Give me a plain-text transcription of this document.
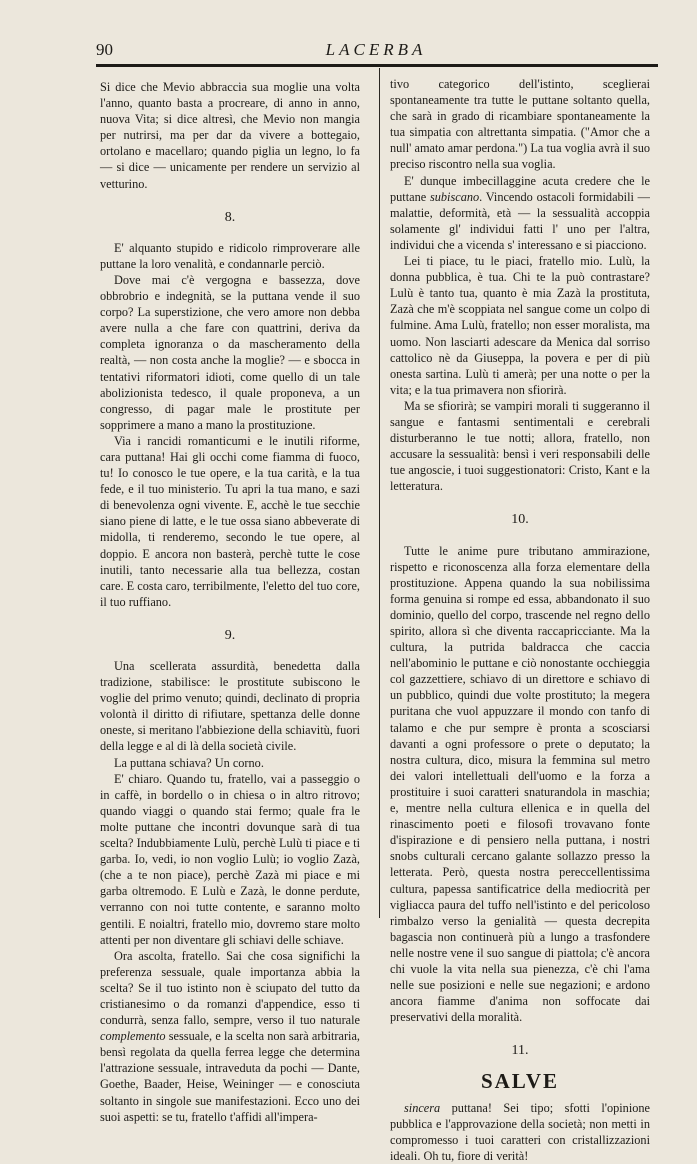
90	LACERBA

Si dice che Mevio abbraccia sua moglie una volta l'anno, quanto basta a procreare, di anno in anno, nuova Vita; si dice altresì, che Mevio non mangia per nutrirsi, ma per dar da vivere a bottegaio, ortolano e macellaro; quando piglia un legno, lo fa — si dice — unicamente per rendere un servizio al vetturino.

8.

E' alquanto stupido e ridicolo rimproverare alle puttane la loro venalità, e condannarle perciò.

Dove mai c'è vergogna e bassezza, dove obbrobrio e indegnità, se la puttana vende il suo corpo? La superstizione, che vero amore non debba avere nulla a che fare con quattrini, deriva da completa ignoranza o da mascheramento della realtà, — non costa anche la moglie? — e sbocca in tentativi riformatori idioti, come quello di un tale abolizionista tedesco, il quale proponeva, a un congresso, di pagar male le prostitute per sopprimere a mano a mano la prostituzione.

Via i rancidi romanticumi e le inutili riforme, cara puttana! Hai gli occhi come fiamma di fuoco, tu! Io conosco le tue opere, e la tua carità, e la tua fede, e il tuo ministerio. Tu apri la tua mano, e sazi di benevolenza ogni vivente. E, acchè le tue secchie siano piene di latte, e le tue ossa siano abbeverate di midolla, ti renderemo, secondo le tue opere, al doppio. E ancora non basterà, perchè tutte le cose inutili, tanto necessarie alla tua bellezza, costan care. E costa caro, terribilmente, l'eletto del tuo core, il tuo ruffiano.

9.

Una scellerata assurdità, benedetta dalla tradizione, stabilisce: le prostitute subiscono le voglie del primo venuto; quindi, declinato di propria volontà il diritto di rifiutare, spettanza delle donne oneste, si meritano l'abbiezione della schiavitù, fuori della legge e al di là della società civile.

La puttana schiava? Un corno.

E' chiaro. Quando tu, fratello, vai a passeggio o in caffè, in bordello o in chiesa o in altro ritrovo; quando viaggi o quando stai fermo; quale fra le molte puttane che incontri dovunque sarà di tua scelta? Indubbiamente Lulù, perchè Lulù ti piace e ti garba. Io, vedi, io non voglio Lulù; io voglio Zazà, (che a te non piace), perchè Zazà mi piace e mi garba oltremodo. E Lulù e Zazà, le donne perdute, verranno con noi tutte contente, e saranno molto gentili. E noialtri, fratello mio, dovremo stare molto attenti per non diventare gli schiavi delle schiave.

Ora ascolta, fratello. Sai che cosa significhi la preferenza sessuale, quale importanza abbia la scelta? Se il tuo istinto non è sciupato del tutto da cristianesimo o da romanzi d'appendice, esso ti condurrà, senza fallo, sempre, verso il tuo naturale complemento sessuale, e la scelta non sarà arbitraria, bensì regolata da quella ferrea legge che determina l'attrazione sessuale, intraveduta da pochi — Dante, Goethe, Baader, Heise, Weininger — e conosciuta soltanto in singole sue manifestazioni. Ecco uno dei suoi aspetti: se tu, fratello t'affidi all'impera-

tivo categorico dell'istinto, sceglierai spontaneamente tra tutte le puttane soltanto quella, che sarà in grado di ricambiare spontaneamente la tua simpatia con altrettanta simpatia. ("Amor che a null' amato amar perdona.") La tua voglia avrà il suo preciso riscontro nella sua voglia.

E' dunque imbecillaggine acuta credere che le puttane subiscano. Vincendo ostacoli formidabili — malattie, deformità, età — la sessualità accoppia solamente gl' individui fatti l' uno per l'altra, individui che a vicenda s' interessano e si piacciono.

Lei ti piace, tu le piaci, fratello mio. Lulù, la donna pubblica, è tua. Chi te la può contrastare? Lulù è tanto tua, quanto è mia Zazà la prostituta, Zazà che m'è scoppiata nel sangue come un colpo di fulmine. Ama Lulù, fratello; non esser moralista, ma uomo. Non lasciarti adescare da Menica dal sorriso cattolico nè da Giuseppa, la povera e per di più onesta sartina. Lulù ti amerà; per una notte o per la vita; e la tua primavera non sfiorirà.

Ma se sfiorirà; se vampiri morali ti suggeranno il sangue e fantasmi sentimentali e cerebrali disturberanno le tue notti; allora, fratello, non accusare la sessualità: bensì i veri responsabili delle tue angoscie, i tuoi suggestionatori: Cristo, Kant e la letteratura.

10.

Tutte le anime pure tributano ammirazione, rispetto e riconoscenza alla forza elementare della prostituzione. Appena quando la sua nobilissima forma genuina si rompe ed essa, abbandonato il suo dominio, quello del corpo, trascende nel regno dello spirito, allora sì che diventa raccapricciante. Ma la cultura, la putrida baldracca che caccia nell'abominio le puttane e ciò nonostante occhieggia col gazzettiere, schiavo di un direttore e schiavo di un pubblico, quindi due volte prostituto; la megera puritana che vuol appuzzare il mondo con tanfo di talamo e che pur sempre è pronta a scosciarsi davanti a ogni professore o prete o deputato; la nostra cultura, dico, misura la femmina sul metro dei valori intellettuali dell'uomo e la forza a prostituire i suoi caratteri snaturandola in maschia; e, mentre nella cultura ellenica e in quella del rinascimento poeti e filosofi trovavano fonte d'ispirazione e di pensiero nella puttana, i nostri snobs culturali cercano galante sollazzo presso la letterata. Però, questa nostra pereccellentissima cultura, papessa santificatrice della mediocrità per vigliacca paura del tuffo nell'istinto e del pericoloso rimbalzo verso la genialità — questa decrepita bagascia non continuerà più a lungo a trasfondere nelle nostre vene il suo sangue di piattola; c'è ancora chi vuole la vita nella sua pienezza, c'è chi l'ama nelle sue posizioni e nelle sue negazioni; e ardono ancora fiamme d'anima non soffocate dai preservativi della moralità.

11.
SALVE

sincera puttana! Sei tipo; sfotti l'opinione pubblica e l'approvazione della società; non metti in compromesso i tuoi caratteri con cristallizzazioni ideali. Oh tu, fiore di verità!
